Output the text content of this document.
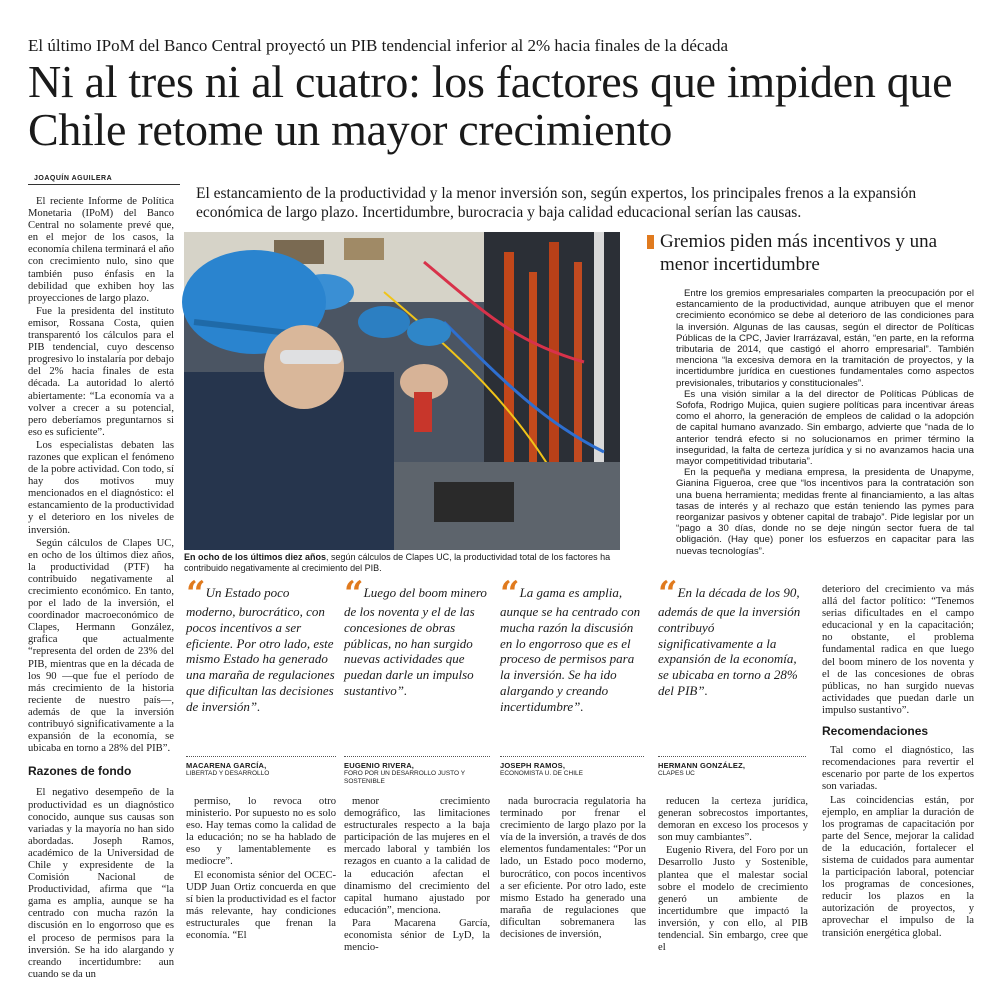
El último IPoM del Banco Central proyectó un PIB tendencial inferior al 2% hacia finales de la década
Ni al tres ni al cuatro: los factores que impiden que Chile retome un mayor crecimiento
JOAQUÍN AGUILERA
El estancamiento de la productividad y la menor inversión son, según expertos, los principales frenos a la expansión económica de largo plazo. Incertidumbre, burocracia y baja calidad educacional serían las causas.

El reciente Informe de Política Monetaria (IPoM) del Banco Central no solamente prevé que, en el mejor de los casos, la economía chilena terminará el año con crecimiento nulo, sino que también puso énfasis en la debilidad que exhiben hoy las proyecciones de largo plazo.

Fue la presidenta del instituto emisor, Rossana Costa, quien transparentó los cálculos para el PIB tendencial, cuyo descenso progresivo lo instalaría por debajo del 2% hacia finales de esta década. La autoridad lo alertó abiertamente: “La economía va a volver a crecer a su potencial, pero deberíamos preguntarnos si eso es suficiente”.

Los especialistas debaten las razones que explican el fenómeno de la pobre actividad. Con todo, sí hay dos motivos muy mencionados en el diagnóstico: el estancamiento de la productividad y el deterioro en los niveles de inversión.

Según cálculos de Clapes UC, en ocho de los últimos diez años, la productividad (PTF) ha contribuido negativamente al crecimiento económico. En tanto, por el lado de la inversión, el coordinador macroeconómico de Clapes, Hermann González, grafica que actualmente “representa del orden de 23% del PIB, mientras que en la década de los 90 —que fue el período de más crecimiento de la historia reciente de nuestro país—, además de que la inversión contribuyó significativamente a la expansión de la economía, se ubicaba en torno a 28% del PIB”.

Razones de fondo

El negativo desempeño de la productividad es un diagnóstico conocido, aunque sus causas son variadas y la mayoría no han sido abordadas. Joseph Ramos, académico de la Universidad de Chile y expresidente de la Comisión Nacional de Productividad, afirma que “la gama es amplia, aunque se ha centrado con mucha razón la discusión en lo engorroso que es el proceso de permisos para la inversión. Se ha ido alargando y creando incertidumbre: aun cuando se da un

En ocho de los últimos diez años, según cálculos de Clapes UC, la productividad total de los factores ha contribuido negativamente al crecimiento del PIB.
Gremios piden más incentivos y una menor incertidumbre

Entre los gremios empresariales comparten la preocupación por el estancamiento de la productividad, aunque atribuyen que el menor crecimiento económico se debe al deterioro de las condiciones para la inversión. Algunas de las causas, según el director de Políticas Públicas de la CPC, Javier Irarrázaval, están, “en parte, en la reforma tributaria de 2014, que castigó el ahorro empresarial”. También menciona “la excesiva demora en la tramitación de proyectos, y la incertidumbre jurídica en cuestiones fundamentales como aspectos previsionales, tributarios y constitucionales”.

Es una visión similar a la del director de Políticas Públicas de Sofofa, Rodrigo Mujica, quien sugiere políticas para incentivar áreas como el ahorro, la generación de empleos de calidad o la adopción de capital humano avanzado. Sin embargo, advierte que “nada de lo anterior tendrá efecto si no solucionamos en primer término la inseguridad, la falta de certeza jurídica y si no avanzamos hacia una mayor competitividad tributaria”.

En la pequeña y mediana empresa, la presidenta de Unapyme, Gianina Figueroa, cree que “los incentivos para la contratación son una buena herramienta; medidas frente al financiamiento, a las altas tasas de interés y al rechazo que están teniendo las pymes para reorganizar pasivos y obtener capital de trabajo”. Pide legislar por un “pago a 30 días, donde no se deje ningún sector fuera de tal obligación. (Hay que) poner los esfuerzos en capacitar para las nuevas tecnologías”.

“ Un Estado poco moderno, burocrático, con pocos incentivos a ser eficiente. Por otro lado, este mismo Estado ha generado una maraña de regulaciones que dificultan las decisiones de inversión”.
MACARENA GARCÍA,
LIBERTAD Y DESARROLLO
“ Luego del boom minero de los noventa y el de las concesiones de obras públicas, no han surgido nuevas actividades que puedan darle un impulso sustantivo”.
EUGENIO RIVERA,
FORO POR UN DESARROLLO JUSTO Y SOSTENIBLE
“ La gama es amplia, aunque se ha centrado con mucha razón la discusión en lo engorroso que es el proceso de permisos para la inversión. Se ha ido alargando y creando incertidumbre”.
JOSEPH RAMOS,
ECONOMISTA U. DE CHILE
“ En la década de los 90, además de que la inversión contribuyó significativamente a la expansión de la economía, se ubicaba en torno a 28% del PIB”.
HERMANN GONZÁLEZ,
CLAPES UC

permiso, lo revoca otro ministerio. Por supuesto no es solo eso. Hay temas como la calidad de la educación; no se ha hablado de eso y lamentablemente es mediocre”.

El economista sénior del OCEC-UDP Juan Ortiz concuerda en que sí bien la productividad es el factor más relevante, hay condiciones estructurales que frenan la economía. “El

menor crecimiento demográfico, las limitaciones estructurales respecto a la baja participación de las mujeres en el mercado laboral y también los rezagos en cuanto a la calidad de la educación afectan el dinamismo del crecimiento del capital humano ajustado por educación”, menciona.

Para Macarena García, economista sénior de LyD, la mencio-

nada burocracia regulatoria ha terminado por frenar el crecimiento de largo plazo por la vía de la inversión, a través de dos elementos fundamentales: “Por un lado, un Estado poco moderno, burocrático, con pocos incentivos a ser eficiente. Por otro lado, este mismo Estado ha generado una maraña de regulaciones que dificultan sobremanera las decisiones de inversión,

reducen la certeza jurídica, generan sobrecostos importantes, demoran en exceso los procesos y son muy cambiantes”.

Eugenio Rivera, del Foro por un Desarrollo Justo y Sostenible, plantea que el malestar social sobre el modelo de crecimiento generó un ambiente de incertidumbre que impactó la inversión, y con ello, al PIB tendencial. Sin embargo, cree que el

deterioro del crecimiento va más allá del factor político: “Tenemos serias dificultades en el campo educacional y en la capacitación; no obstante, el problema fundamental radica en que luego del boom minero de los noventa y el de las concesiones de obras públicas, no han surgido nuevas actividades que puedan darle un impulso sustantivo”.

Recomendaciones

Tal como el diagnóstico, las recomendaciones para revertir el escenario por parte de los expertos son variadas.

Las coincidencias están, por ejemplo, en ampliar la duración de los programas de capacitación por parte del Sence, mejorar la calidad de la educación, fortalecer el sistema de cuidados para aumentar la participación laboral, potenciar los programas de concesiones, reducir los plazos en la autorización de proyectos, y aprovechar el impulso de la transición energética global.
